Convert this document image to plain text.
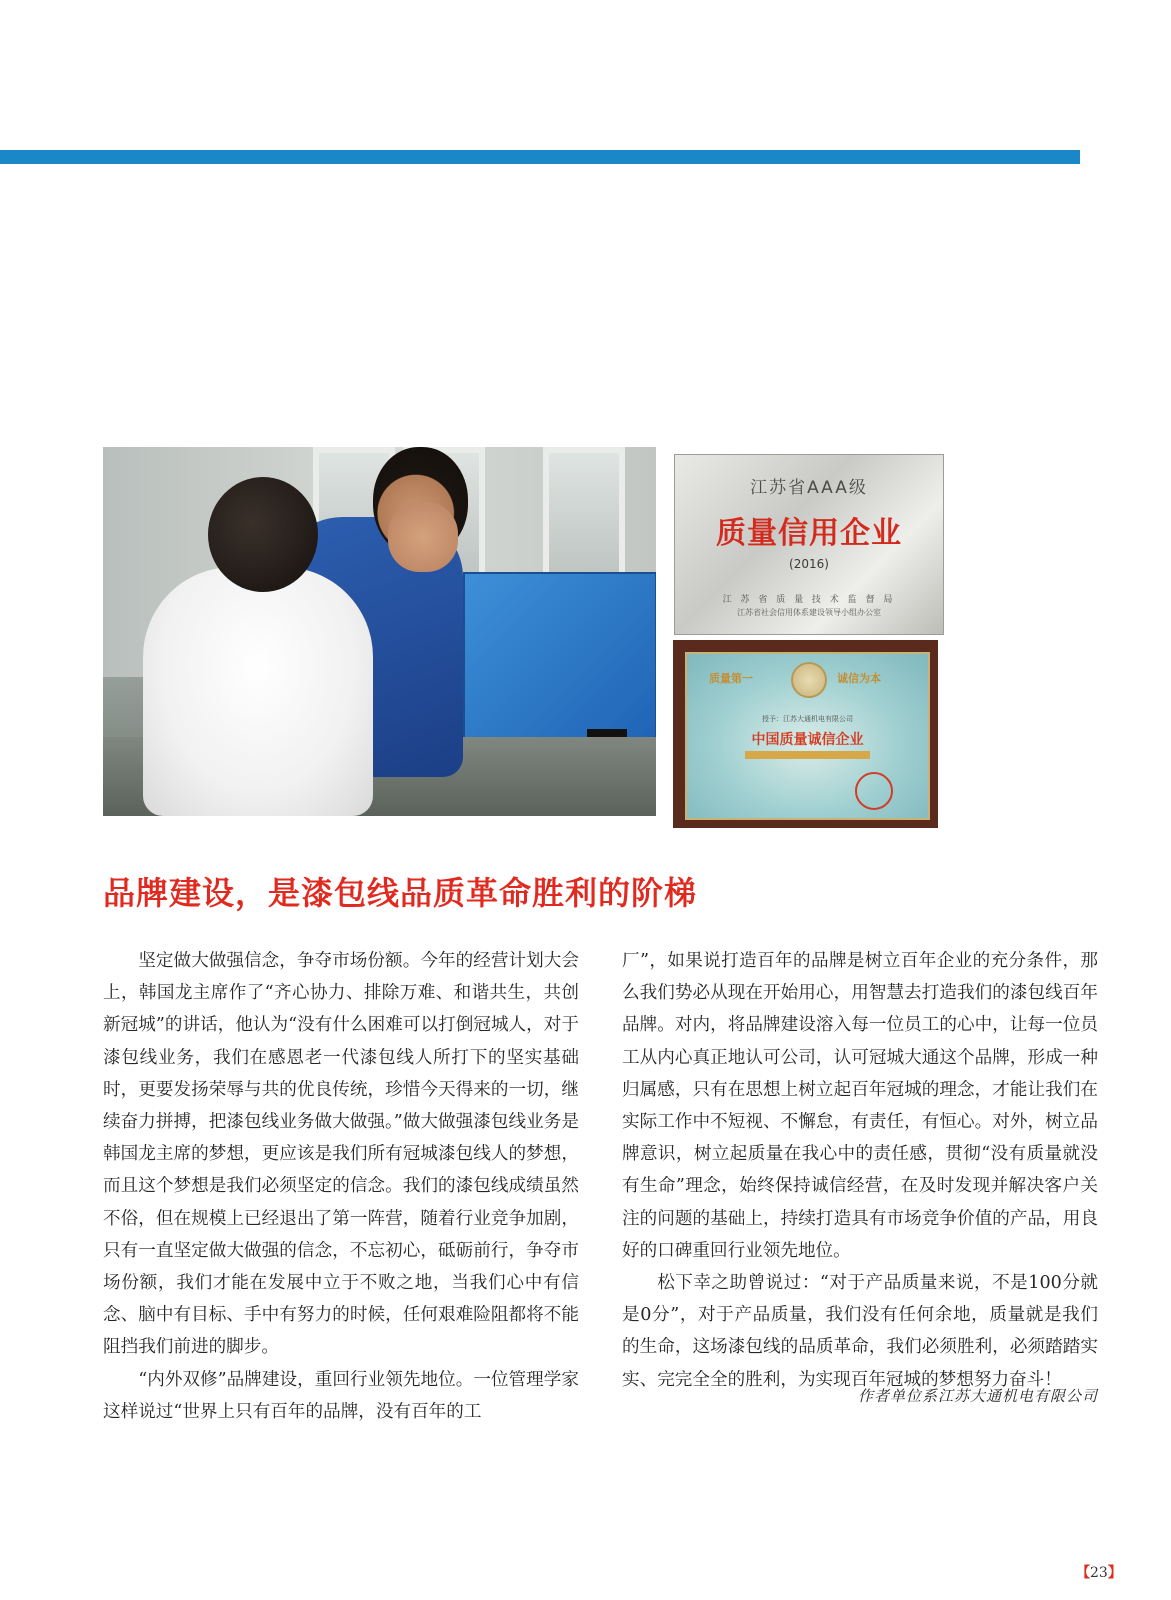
江苏省AAA级
质量信用企业
(2016)
江 苏 省 质 量 技 术 监 督 局
江苏省社会信用体系建设领导小组办公室
质量第一	诚信为本
授予：江苏大通机电有限公司
中国质量诚信企业
品牌建设，是漆包线品质革命胜利的阶梯

坚定做大做强信念，争夺市场份额。今年的经营计划大会上，韩国龙主席作了“齐心协力、排除万难、和谐共生，共创新冠城”的讲话，他认为“没有什么困难可以打倒冠城人，对于漆包线业务，我们在感恩老一代漆包线人所打下的坚实基础时，更要发扬荣辱与共的优良传统，珍惜今天得来的一切，继续奋力拼搏，把漆包线业务做大做强。”做大做强漆包线业务是韩国龙主席的梦想，更应该是我们所有冠城漆包线人的梦想，而且这个梦想是我们必须坚定的信念。我们的漆包线成绩虽然不俗，但在规模上已经退出了第一阵营，随着行业竞争加剧，只有一直坚定做大做强的信念，不忘初心，砥砺前行，争夺市场份额，我们才能在发展中立于不败之地，当我们心中有信念、脑中有目标、手中有努力的时候，任何艰难险阻都将不能阻挡我们前进的脚步。

“内外双修”品牌建设，重回行业领先地位。一位管理学家这样说过“世界上只有百年的品牌，没有百年的工

厂”，如果说打造百年的品牌是树立百年企业的充分条件，那么我们势必从现在开始用心，用智慧去打造我们的漆包线百年品牌。对内，将品牌建设溶入每一位员工的心中，让每一位员工从内心真正地认可公司，认可冠城大通这个品牌，形成一种归属感，只有在思想上树立起百年冠城的理念，才能让我们在实际工作中不短视、不懈怠，有责任，有恒心。对外，树立品牌意识，树立起质量在我心中的责任感，贯彻“没有质量就没有生命”理念，始终保持诚信经营，在及时发现并解决客户关注的问题的基础上，持续打造具有市场竞争价值的产品，用良好的口碑重回行业领先地位。

松下幸之助曾说过：“对于产品质量来说，不是100分就是0分”，对于产品质量，我们没有任何余地，质量就是我们的生命，这场漆包线的品质革命，我们必须胜利，必须踏踏实实、完完全全的胜利，为实现百年冠城的梦想努力奋斗！

作者单位系江苏大通机电有限公司
【23】
